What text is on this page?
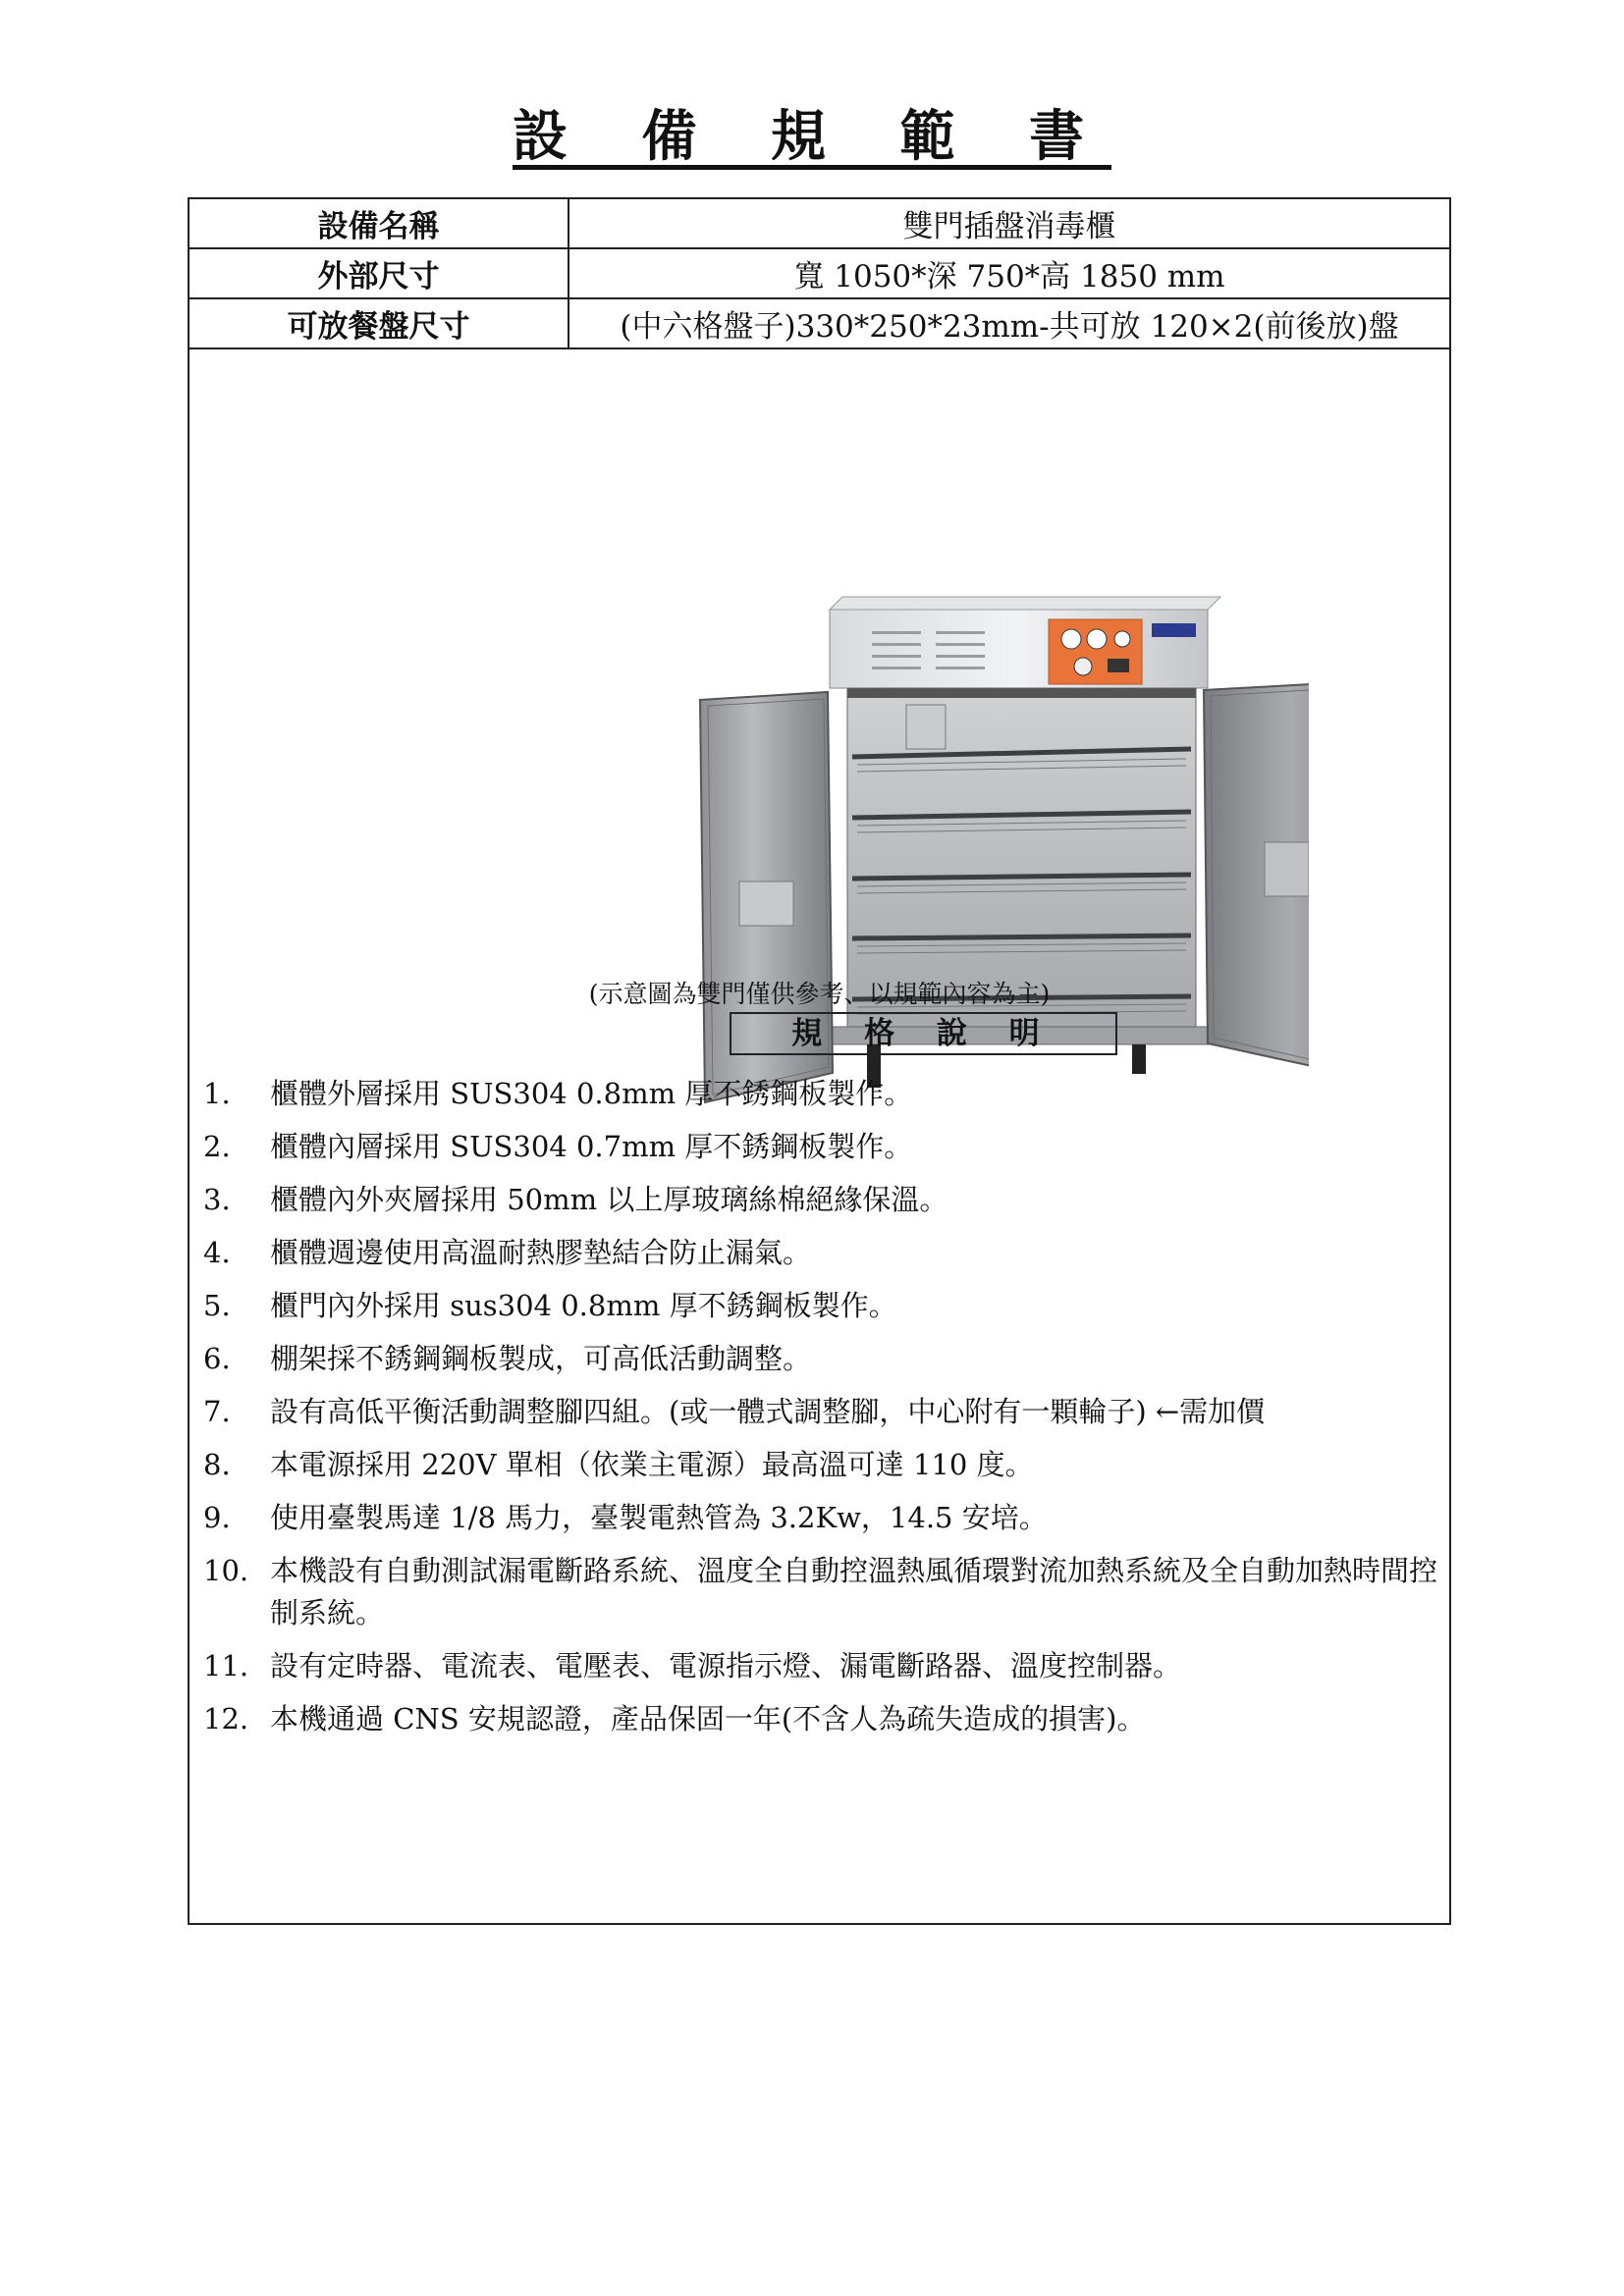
設 備 規 範 書
設備名稱	雙門插盤消毒櫃
外部尺寸	寬 1050*深 750*高 1850 mm
可放餐盤尺寸	(中六格盤子)330*250*23mm-共可放 120×2(前後放)盤
(示意圖為雙門僅供參考、以規範內容為主)
規 格 說 明
1.	櫃體外層採用 SUS304 0.8mm 厚不銹鋼板製作。
2.	櫃體內層採用 SUS304 0.7mm 厚不銹鋼板製作。
3.	櫃體內外夾層採用 50mm 以上厚玻璃絲棉絕緣保溫。
4.	櫃體週邊使用高溫耐熱膠墊結合防止漏氣。
5.	櫃門內外採用 sus304 0.8mm 厚不銹鋼板製作。
6.	棚架採不銹鋼鋼板製成，可高低活動調整。
7.	設有高低平衡活動調整腳四組。(或一體式調整腳，中心附有一顆輪子) ←需加價
8.	本電源採用 220V 單相（依業主電源）最高溫可達 110 度。
9.	使用臺製馬達 1/8 馬力，臺製電熱管為 3.2Kw，14.5 安培。
10. 本機設有自動測試漏電斷路系統、溫度全自動控溫熱風循環對流加熱系統及全自動加熱時間控制系統。
11. 設有定時器、電流表、電壓表、電源指示燈、漏電斷路器、溫度控制器。
12. 本機通過 CNS 安規認證，產品保固一年(不含人為疏失造成的損害)。
